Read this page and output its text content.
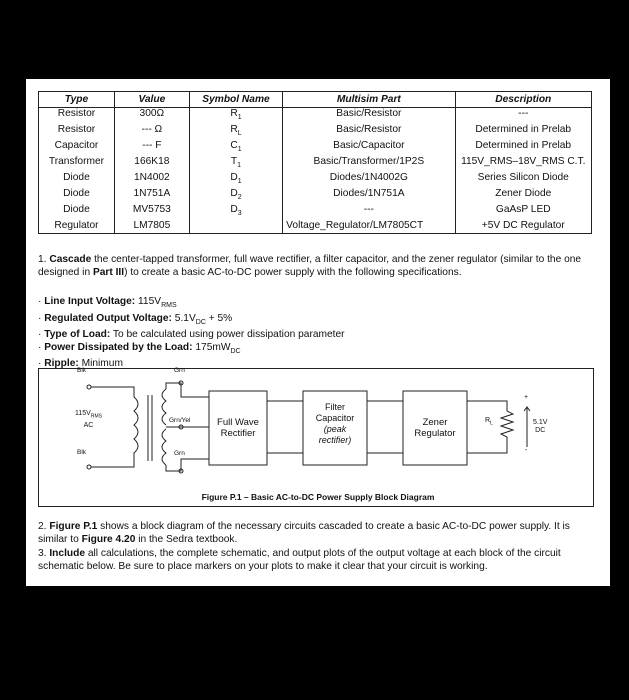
Type	Value	Symbol Name	Multisim Part	Description
Resistor	300Ω	$R_1$	Basic/Resistor	---
Resistor	--- Ω	$R_L$	Basic/Resistor	Determined in Prelab
Capacitor	--- F	$C_1$	Basic/Capacitor	Determined in Prelab
Transformer	166K18	$T_1$	Basic/Transformer/1P2S	115V_RMS–18V_RMS C.T.
Diode	1N4002	$D_1$	Diodes/1N4002G	Series Silicon Diode
Diode	1N751A	$D_2$	Diodes/1N751A	Zener Diode
Diode	MV5753	$D_3$	---	GaAsP LED
Regulator	LM7805		Voltage_Regulator/LM7805CT	+5V DC Regulator
1. Cascade the center-tapped transformer, full wave rectifier, a filter capacitor, and the zener regulator (similar to the one designed in Part III) to create a basic AC-to-DC power supply with the following specifications.
· Line Input Voltage: $115V_{RMS}$
· Regulated Output Voltage: $5.1V_{DC} + 5\%$
· Type of Load: To be calculated using power dissipation parameter
· Power Dissipated by the Load: $175mW_{DC}$
· Ripple: Minimum
Blk	Grn
$115V_{RMS}$
AC
Blk
Grn/Yel
Grn
Full Wave
Rectifier
Filter
Capacitor
(peak
rectifier)
Zener
Regulator
$R_L$
+
5.1V
DC
-
Figure P.1 – Basic AC-to-DC Power Supply Block Diagram
2. Figure P.1 shows a block diagram of the necessary circuits cascaded to create a basic AC-to-DC power supply. It is similar to Figure 4.20 in the Sedra textbook.
3. Include all calculations, the complete schematic, and output plots of the output voltage at each block of the circuit schematic below. Be sure to place markers on your plots to make it clear that your circuit is working.
